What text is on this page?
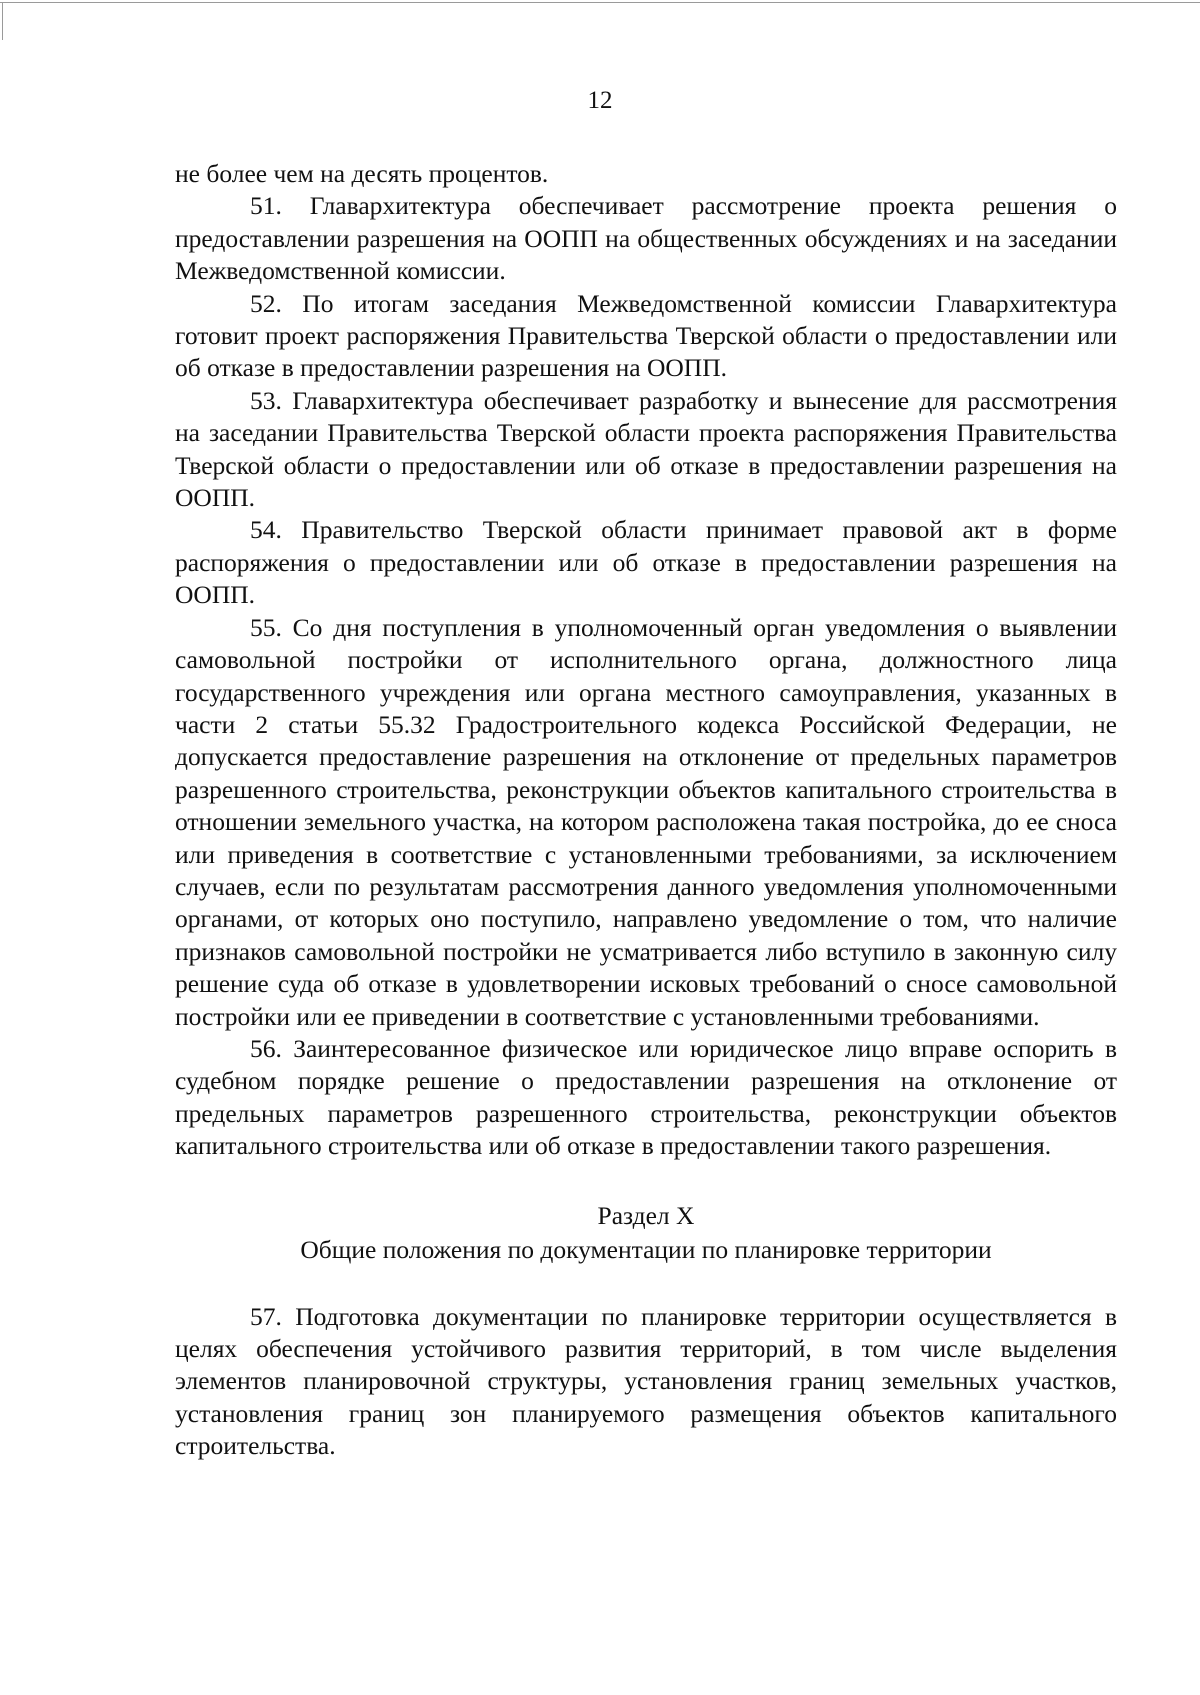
12

не более чем на десять процентов.

51. Главархитектура обеспечивает рассмотрение проекта решения о предоставлении разрешения на ООПП на общественных обсуждениях и на заседании Межведомственной комиссии.

52. По итогам заседания Межведомственной комиссии Главархитектура готовит проект распоряжения Правительства Тверской области о предоставлении или об отказе в предоставлении разрешения на ООПП.

53. Главархитектура обеспечивает разработку и вынесение для рассмотрения на заседании Правительства Тверской области проекта распоряжения Правительства Тверской области о предоставлении или об отказе в предоставлении разрешения на ООПП.

54. Правительство Тверской области принимает правовой акт в форме распоряжения о предоставлении или об отказе в предоставлении разрешения на ООПП.

55. Со дня поступления в уполномоченный орган уведомления о выявлении самовольной постройки от исполнительного органа, должностного лица государственного учреждения или органа местного самоуправления, указанных в части 2 статьи 55.32 Градостроительного кодекса Российской Федерации, не допускается предоставление разрешения на отклонение от предельных параметров разрешенного строительства, реконструкции объектов капитального строительства в отношении земельного участка, на котором расположена такая постройка, до ее сноса или приведения в соответствие с установленными требованиями, за исключением случаев, если по результатам рассмотрения данного уведомления уполномоченными органами, от которых оно поступило, направлено уведомление о том, что наличие признаков самовольной постройки не усматривается либо вступило в законную силу решение суда об отказе в удовлетворении исковых требований о сносе самовольной постройки или ее приведении в соответствие с установленными требованиями.

56. Заинтересованное физическое или юридическое лицо вправе оспорить в судебном порядке решение о предоставлении разрешения на отклонение от предельных параметров разрешенного строительства, реконструкции объектов капитального строительства или об отказе в предоставлении такого разрешения.

Раздел X
Общие положения по документации по планировке территории

57. Подготовка документации по планировке территории осуществляется в целях обеспечения устойчивого развития территорий, в том числе выделения элементов планировочной структуры, установления границ земельных участков, установления границ зон планируемого размещения объектов капитального строительства.
